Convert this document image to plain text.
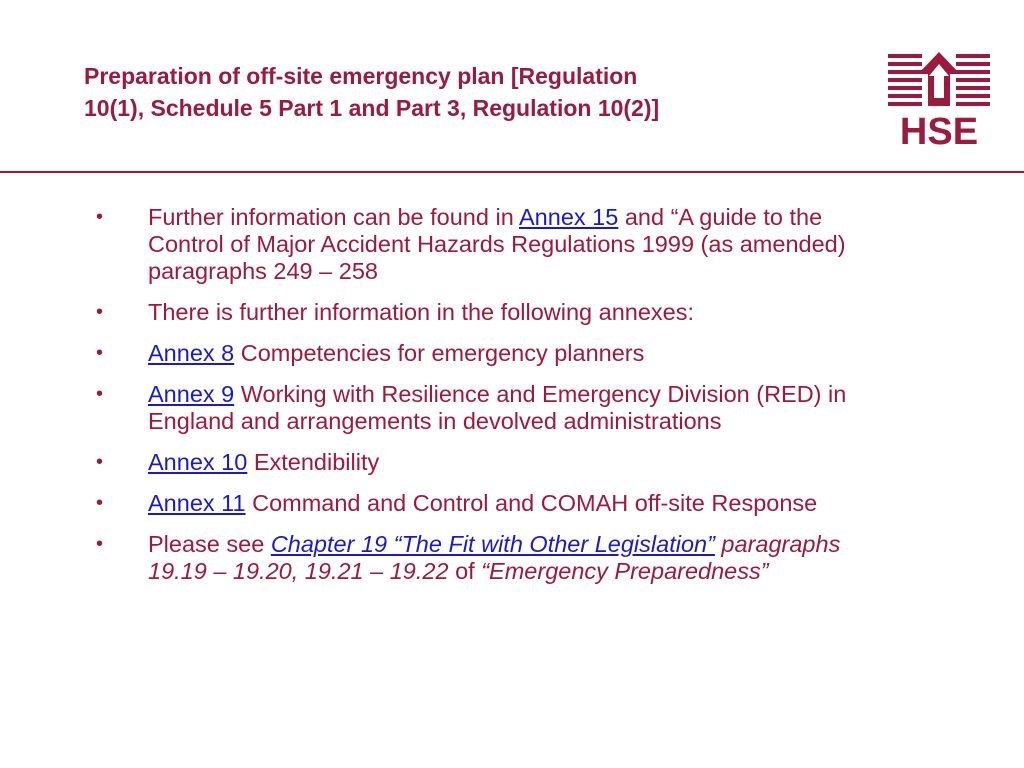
Preparation of off-site emergency plan [Regulation
10(1), Schedule 5 Part 1 and Part 3, Regulation 10(2)]
HSE
• Further information can be found in Annex 15 and “A guide to the Control of Major Accident Hazards Regulations 1999 (as amended) paragraphs 249 – 258
• There is further information in the following annexes:
• Annex 8 Competencies for emergency planners
• Annex 9 Working with Resilience and Emergency Division (RED) in England and arrangements in devolved administrations
• Annex 10 Extendibility
• Annex 11 Command and Control and COMAH off-site Response
• Please see Chapter 19 “The Fit with Other Legislation” paragraphs 19.19 – 19.20, 19.21 – 19.22 of “Emergency Preparedness”
